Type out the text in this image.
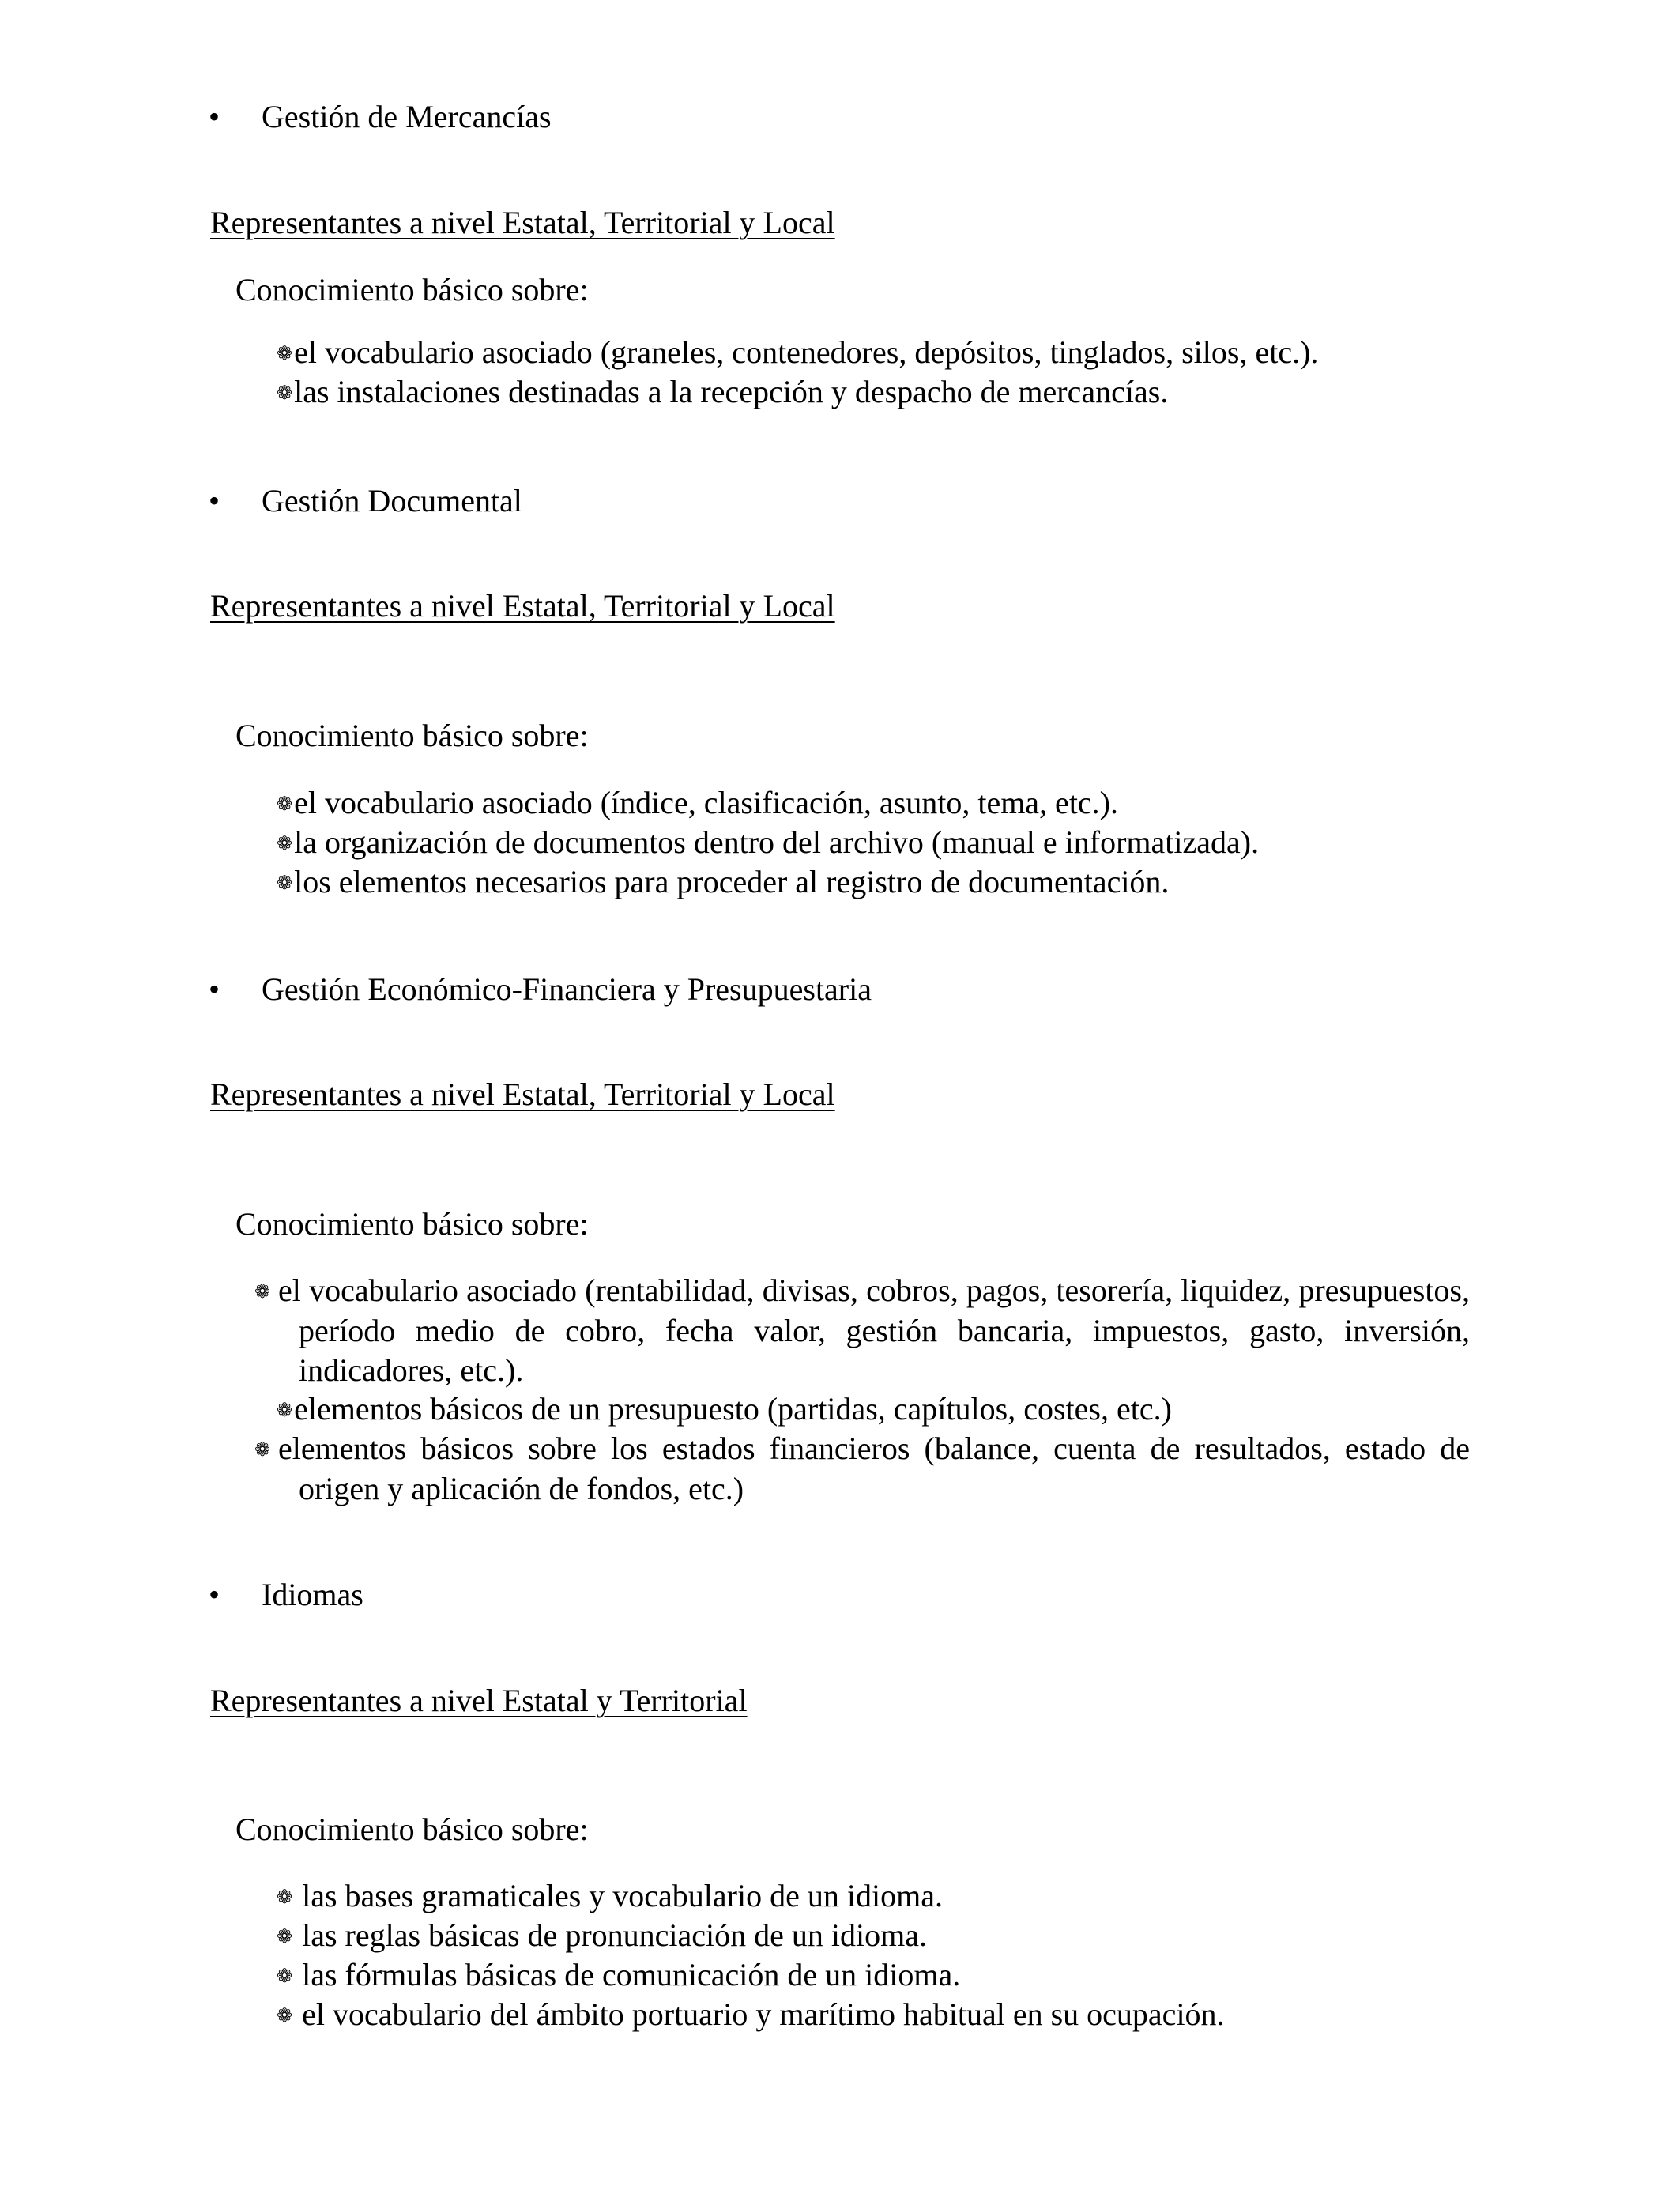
• Gestión de Mercancías
Representantes a nivel Estatal, Territorial y Local
Conocimiento básico sobre:
❁el vocabulario asociado (graneles, contenedores, depósitos, tinglados, silos, etc.).
❁las instalaciones destinadas a la recepción y despacho de mercancías.
• Gestión Documental
Representantes a nivel Estatal, Territorial y Local
Conocimiento básico sobre:
❁el vocabulario asociado (índice, clasificación, asunto, tema, etc.).
❁la organización de documentos dentro del archivo (manual e informatizada).
❁los elementos necesarios para proceder al registro de documentación.
• Gestión Económico-Financiera y Presupuestaria
Representantes a nivel Estatal, Territorial y Local
Conocimiento básico sobre:
❁ el vocabulario asociado (rentabilidad, divisas, cobros, pagos, tesorería, liquidez, presupuestos, período medio de cobro, fecha valor, gestión bancaria, impuestos, gasto, inversión, indicadores, etc.).
❁elementos básicos de un presupuesto (partidas, capítulos, costes, etc.)
❁ elementos básicos sobre los estados financieros (balance, cuenta de resultados, estado de origen y aplicación de fondos, etc.)
• Idiomas
Representantes a nivel Estatal y Territorial
Conocimiento básico sobre:
❁ las bases gramaticales y vocabulario de un idioma.
❁ las reglas básicas de pronunciación de un idioma.
❁ las fórmulas básicas de comunicación de un idioma.
❁ el vocabulario del ámbito portuario y marítimo habitual en su ocupación.
